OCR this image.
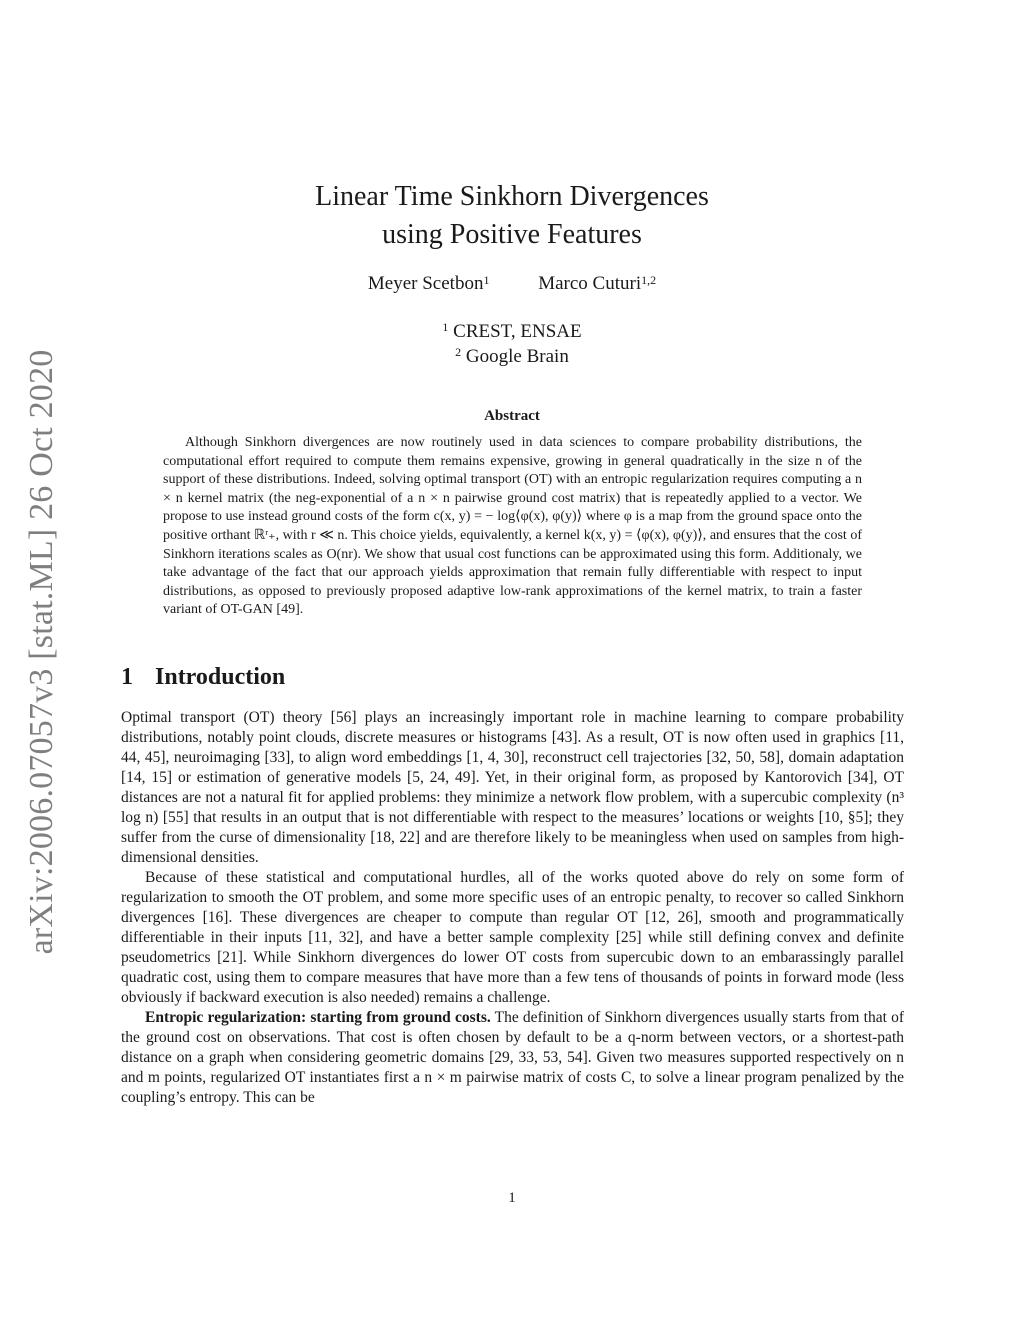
arXiv:2006.07057v3 [stat.ML] 26 Oct 2020
Linear Time Sinkhorn Divergences
using Positive Features
Meyer Scetbon$^1$	Marco Cuturi$^{1,2}$
$^1$ CREST, ENSAE
$^2$ Google Brain
Abstract

Although Sinkhorn divergences are now routinely used in data sciences to compare probability distributions, the computational effort required to compute them remains expensive, growing in general quadratically in the size n of the support of these distributions. Indeed, solving optimal transport (OT) with an entropic regularization requires computing a n × n kernel matrix (the neg-exponential of a n × n pairwise ground cost matrix) that is repeatedly applied to a vector. We propose to use instead ground costs of the form c(x, y) = − log⟨φ(x), φ(y)⟩ where φ is a map from the ground space onto the positive orthant ℝʳ₊, with r ≪ n. This choice yields, equivalently, a kernel k(x, y) = ⟨φ(x), φ(y)⟩, and ensures that the cost of Sinkhorn iterations scales as O(nr). We show that usual cost functions can be approximated using this form. Additionaly, we take advantage of the fact that our approach yields approximation that remain fully differentiable with respect to input distributions, as opposed to previously proposed adaptive low-rank approximations of the kernel matrix, to train a faster variant of OT-GAN [49].

1 Introduction

Optimal transport (OT) theory [56] plays an increasingly important role in machine learning to compare probability distributions, notably point clouds, discrete measures or histograms [43]. As a result, OT is now often used in graphics [11, 44, 45], neuroimaging [33], to align word embeddings [1, 4, 30], reconstruct cell trajectories [32, 50, 58], domain adaptation [14, 15] or estimation of generative models [5, 24, 49]. Yet, in their original form, as proposed by Kantorovich [34], OT distances are not a natural fit for applied problems: they minimize a network flow problem, with a supercubic complexity (n³ log n) [55] that results in an output that is not differentiable with respect to the measures’ locations or weights [10, §5]; they suffer from the curse of dimensionality [18, 22] and are therefore likely to be meaningless when used on samples from high-dimensional densities.

Because of these statistical and computational hurdles, all of the works quoted above do rely on some form of regularization to smooth the OT problem, and some more specific uses of an entropic penalty, to recover so called Sinkhorn divergences [16]. These divergences are cheaper to compute than regular OT [12, 26], smooth and programmatically differentiable in their inputs [11, 32], and have a better sample complexity [25] while still defining convex and definite pseudometrics [21]. While Sinkhorn divergences do lower OT costs from supercubic down to an embarassingly parallel quadratic cost, using them to compare measures that have more than a few tens of thousands of points in forward mode (less obviously if backward execution is also needed) remains a challenge.

Entropic regularization: starting from ground costs. The definition of Sinkhorn divergences usually starts from that of the ground cost on observations. That cost is often chosen by default to be a q-norm between vectors, or a shortest-path distance on a graph when considering geometric domains [29, 33, 53, 54]. Given two measures supported respectively on n and m points, regularized OT instantiates first a n × m pairwise matrix of costs C, to solve a linear program penalized by the coupling’s entropy. This can be

1
